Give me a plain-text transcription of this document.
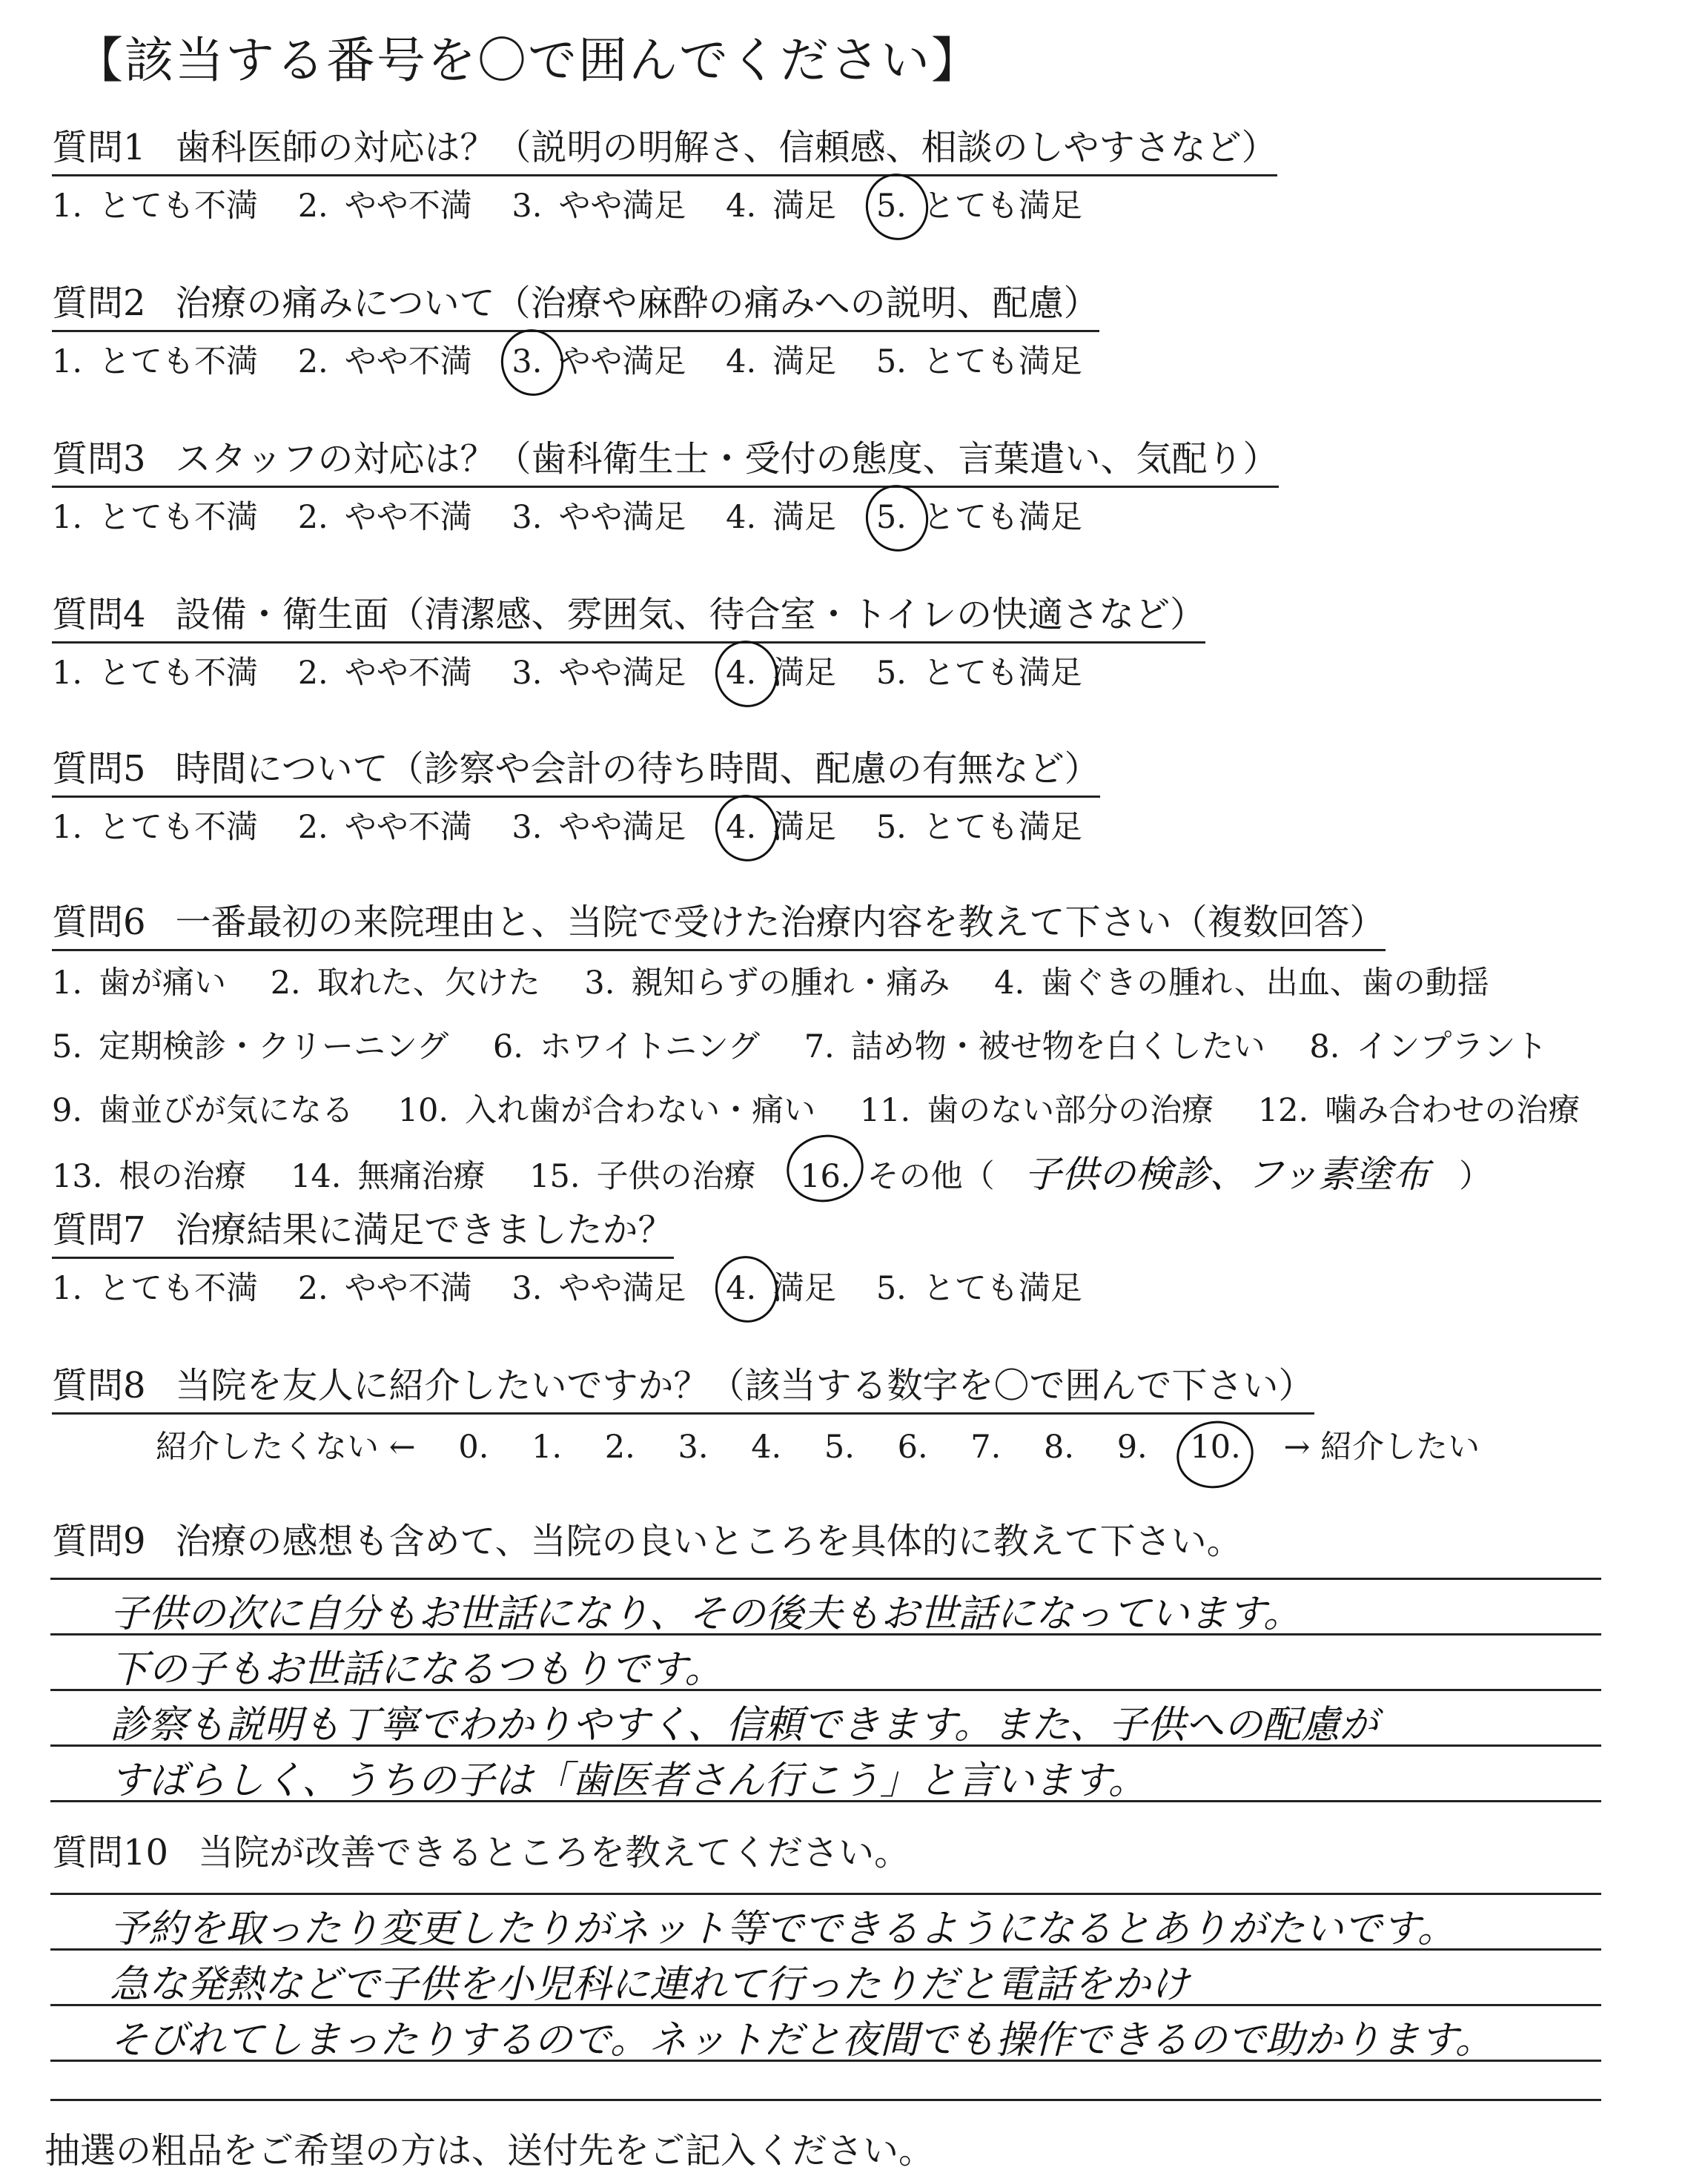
【該当する番号を〇で囲んでください】
質問1 歯科医師の対応は？（説明の明解さ、信頼感、相談のしやすさなど）
1. とても不満 2. やや不満 3. やや満足 4. 満足 5. とても満足
質問2 治療の痛みについて（治療や麻酔の痛みへの説明、配慮）
1. とても不満 2. やや不満 3. やや満足 4. 満足 5. とても満足
質問3 スタッフの対応は？（歯科衛生士・受付の態度、言葉遣い、気配り）
1. とても不満 2. やや不満 3. やや満足 4. 満足 5. とても満足
質問4 設備・衛生面（清潔感、雰囲気、待合室・トイレの快適さなど）
1. とても不満 2. やや不満 3. やや満足 4. 満足 5. とても満足
質問5 時間について（診察や会計の待ち時間、配慮の有無など）
1. とても不満 2. やや不満 3. やや満足 4. 満足 5. とても満足
質問6 一番最初の来院理由と、当院で受けた治療内容を教えて下さい（複数回答）
1. 歯が痛い 2. 取れた、欠けた 3. 親知らずの腫れ・痛み 4. 歯ぐきの腫れ、出血、歯の動揺
5. 定期検診・クリーニング 6. ホワイトニング 7. 詰め物・被せ物を白くしたい 8. インプラント
9. 歯並びが気になる 10. 入れ歯が合わない・痛い 11. 歯のない部分の治療 12. 噛み合わせの治療
13. 根の治療 14. 無痛治療 15. 子供の治療 16. その他（ 子供の検診、フッ素塗布 ）
質問7 治療結果に満足できましたか？
1. とても不満 2. やや不満 3. やや満足 4. 満足 5. とても満足
質問8 当院を友人に紹介したいですか？（該当する数字を〇で囲んで下さい）
紹介したくない ← 0. 1. 2. 3. 4. 5. 6. 7. 8. 9. 10. → 紹介したい
質問9 治療の感想も含めて、当院の良いところを具体的に教えて下さい。
子供の次に自分もお世話になり、その後夫もお世話になっています。
下の子もお世話になるつもりです。
診察も説明も丁寧でわかりやすく、信頼できます。また、子供への配慮が
すばらしく、うちの子は「歯医者さん行こう」と言います。
質問10 当院が改善できるところを教えてください。
予約を取ったり変更したりがネット等でできるようになるとありがたいです。
急な発熱などで子供を小児科に連れて行ったりだと電話をかけ
そびれてしまったりするので。ネットだと夜間でも操作できるので助かります。
抽選の粗品をご希望の方は、送付先をご記入ください。
